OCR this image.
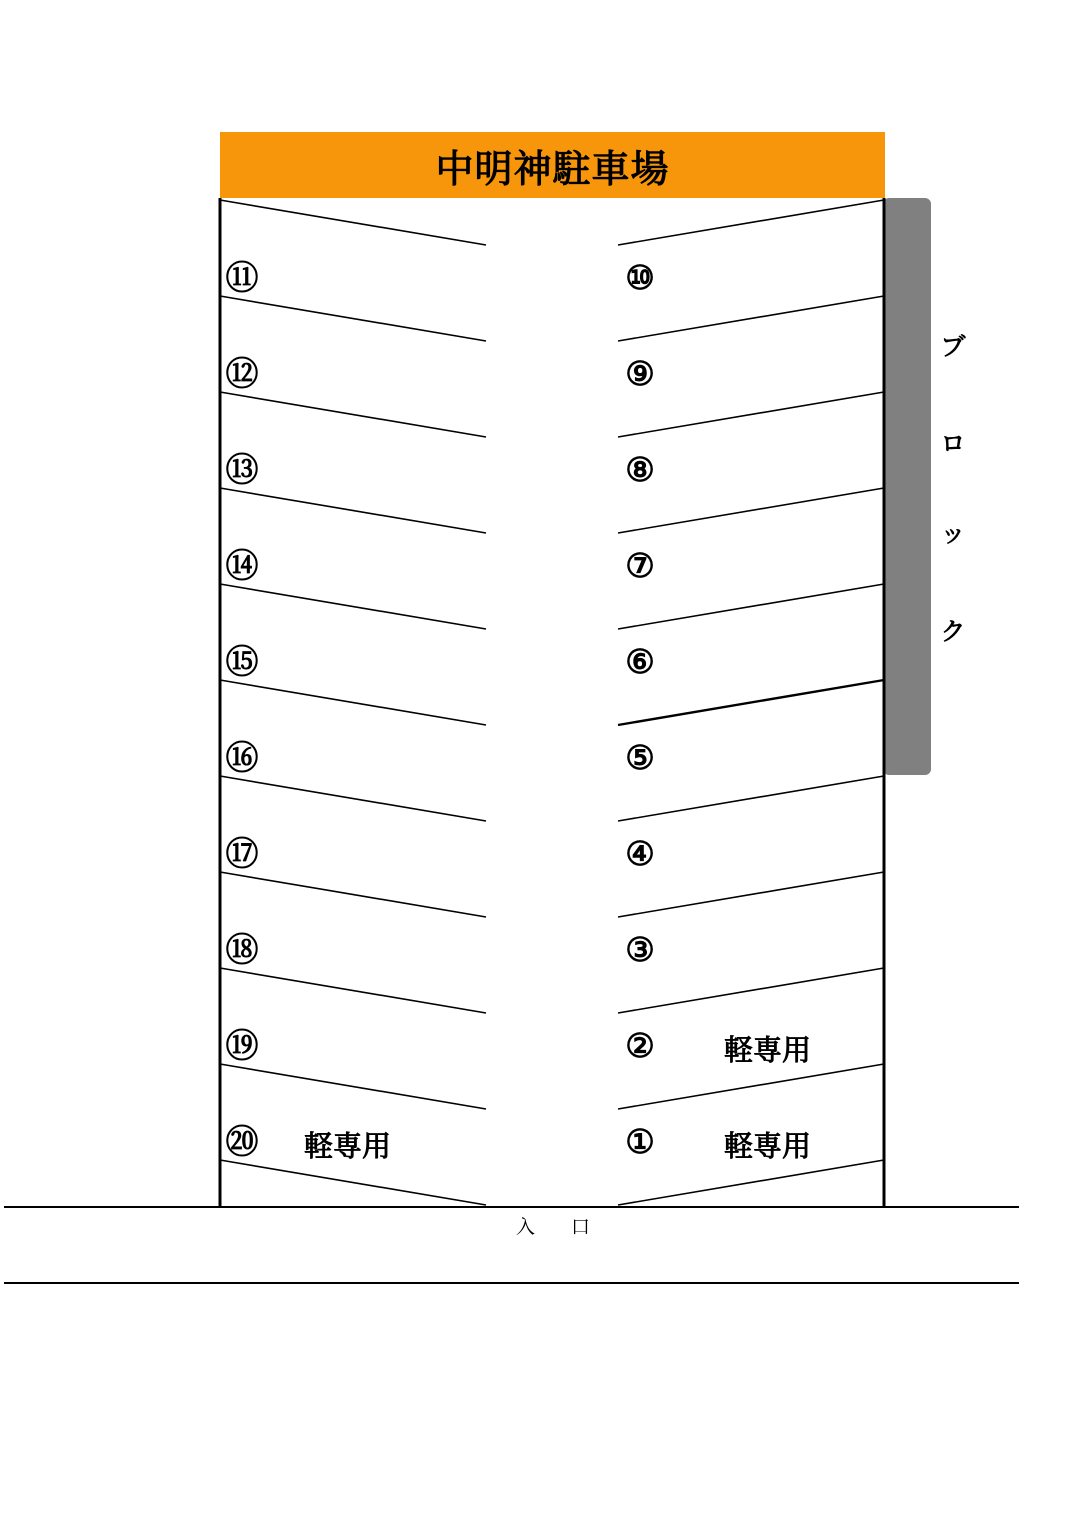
中明神駐車場
ブ
ロ
ッ
ク
入 口
① 軽専用
② 軽専用
③
④
⑤
⑥
⑦
⑧
⑨
⑩
⑪
⑫
⑬
⑭
⑮
⑯
⑰
⑱
⑲
⑳ 軽専用
